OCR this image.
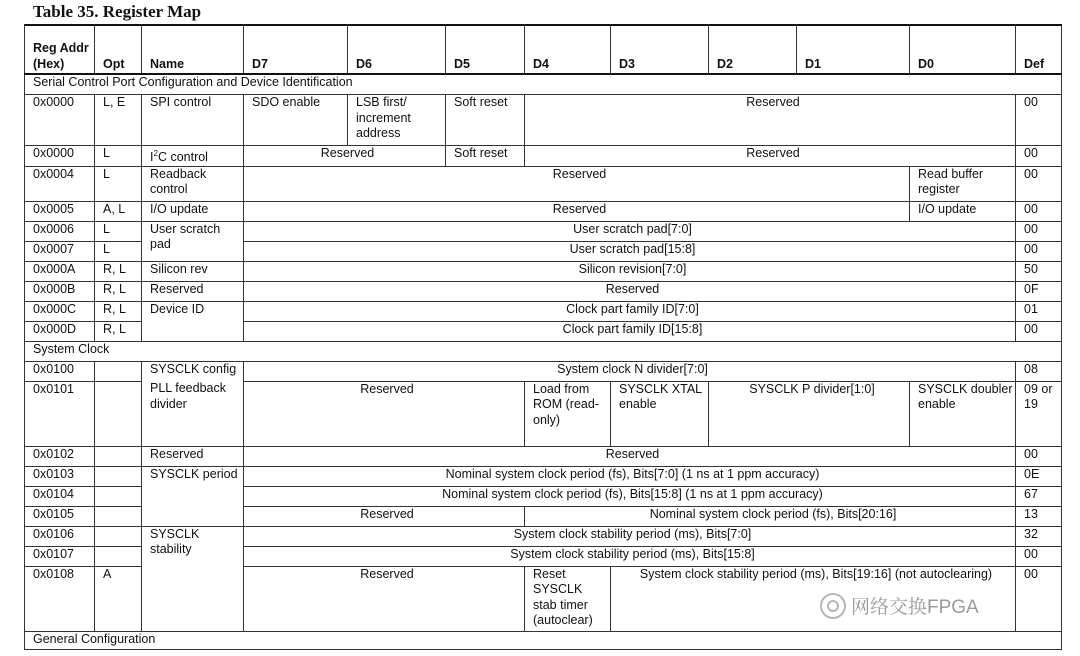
Table 35. Register Map
Reg Addr (Hex)	Opt	Name	D7	D6	D5	D4	D3	D2	D1	D0	Def
Serial Control Port Configuration and Device Identification											
0x0000	L, E	SPI control	SDO enable	LSB first/ increment address	Soft reset	Reserved					00
0x0000	L	$I^2C$ control	Reserved		Soft reset	Reserved					00
0x0004	L	Readback control	Reserved							Read buffer register	00
0x0005	A, L	I/O update	Reserved							I/O update	00
0x0006	L	User scratch pad	User scratch pad[7:0]								00
0x0007	L		User scratch pad[15:8]								00
0x000A	R, L	Silicon rev	Silicon revision[7:0]								50
0x000B	R, L	Reserved	Reserved								0F
0x000C	R, L	Device ID	Clock part family ID[7:0]								01
0x000D	R, L		Clock part family ID[15:8]								00
System Clock											
0x0100		SYSCLK config	System clock N divider[7:0]								08
0x0101		PLL feedback divider	Reserved			Load from ROM (read-only)	SYSCLK XTAL enable	SYSCLK P divider[1:0]		SYSCLK doubler enable	09 or 19
0x0102		Reserved	Reserved								00
0x0103		SYSCLK period	Nominal system clock period (fs), Bits[7:0] (1 ns at 1 ppm accuracy)								0E
0x0104			Nominal system clock period (fs), Bits[15:8] (1 ns at 1 ppm accuracy)								67
0x0105			Reserved			Nominal system clock period (fs), Bits[20:16]					13
0x0106		SYSCLK stability	System clock stability period (ms), Bits[7:0]								32
0x0107			System clock stability period (ms), Bits[15:8]								00
0x0108	A		Reserved			Reset SYSCLK stab timer (autoclear)	System clock stability period (ms), Bits[19:16] (not autoclearing)				00
General Configuration											
网络交换FPGA
